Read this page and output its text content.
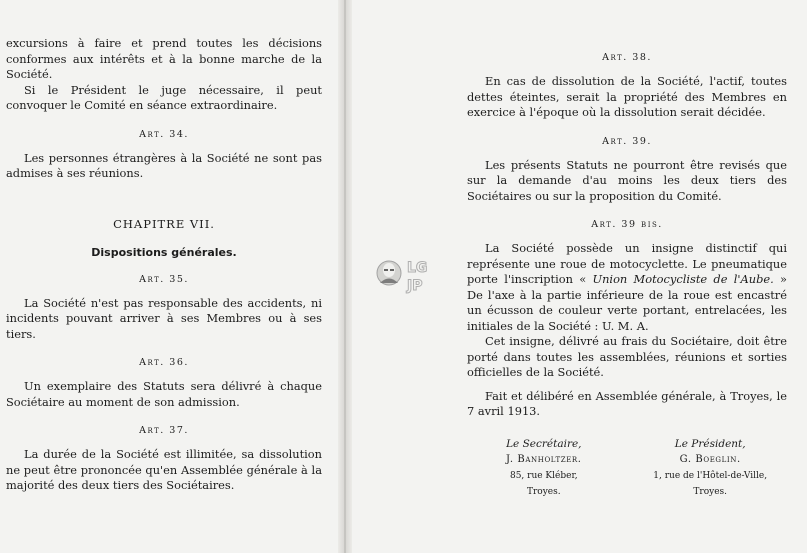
excursions à faire et prend toutes les décisions conformes aux intérêts et à la bonne marche de la Société.

Si le Président le juge nécessaire, il peut convoquer le Comité en séance extraordinaire.

Art. 34.

Les personnes étrangères à la Société ne sont pas admises à ses réunions.

CHAPITRE VII.
Dispositions générales.
Art. 35.

La Société n'est pas responsable des accidents, ni incidents pouvant arriver à ses Membres ou à ses tiers.

Art. 36.

Un exemplaire des Statuts sera délivré à chaque Sociétaire au moment de son admission.

Art. 37.

La durée de la Société est illimitée, sa dissolution ne peut être prononcée qu'en Assemblée générale à la majorité des deux tiers des Sociétaires.

Art. 38.

En cas de dissolution de la Société, l'actif, toutes dettes éteintes, serait la propriété des Membres en exercice à l'époque où la dissolution serait décidée.

Art. 39.

Les présents Statuts ne pourront être revisés que sur la demande d'au moins les deux tiers des Sociétaires ou sur la proposition du Comité.

Art. 39 bis.

La Société possède un insigne distinctif qui représente une roue de motocyclette. Le pneumatique porte l'inscription « Union Motocycliste de l'Aube. » De l'axe à la partie inférieure de la roue est encastré un écusson de couleur verte portant, entrelacées, les initiales de la Société : U. M. A.

Cet insigne, délivré au frais du Sociétaire, doit être porté dans toutes les assemblées, réunions et sorties officielles de la Société.

Fait et délibéré en Assemblée générale, à Troyes, le 7 avril 1913.

Le Secrétaire,
J. Banholtzer.
85, rue Kléber,
Troyes.
Le Président,
G. Boeglin.
1, rue de l'Hôtel-de-Ville,
Troyes.
LG
JP
